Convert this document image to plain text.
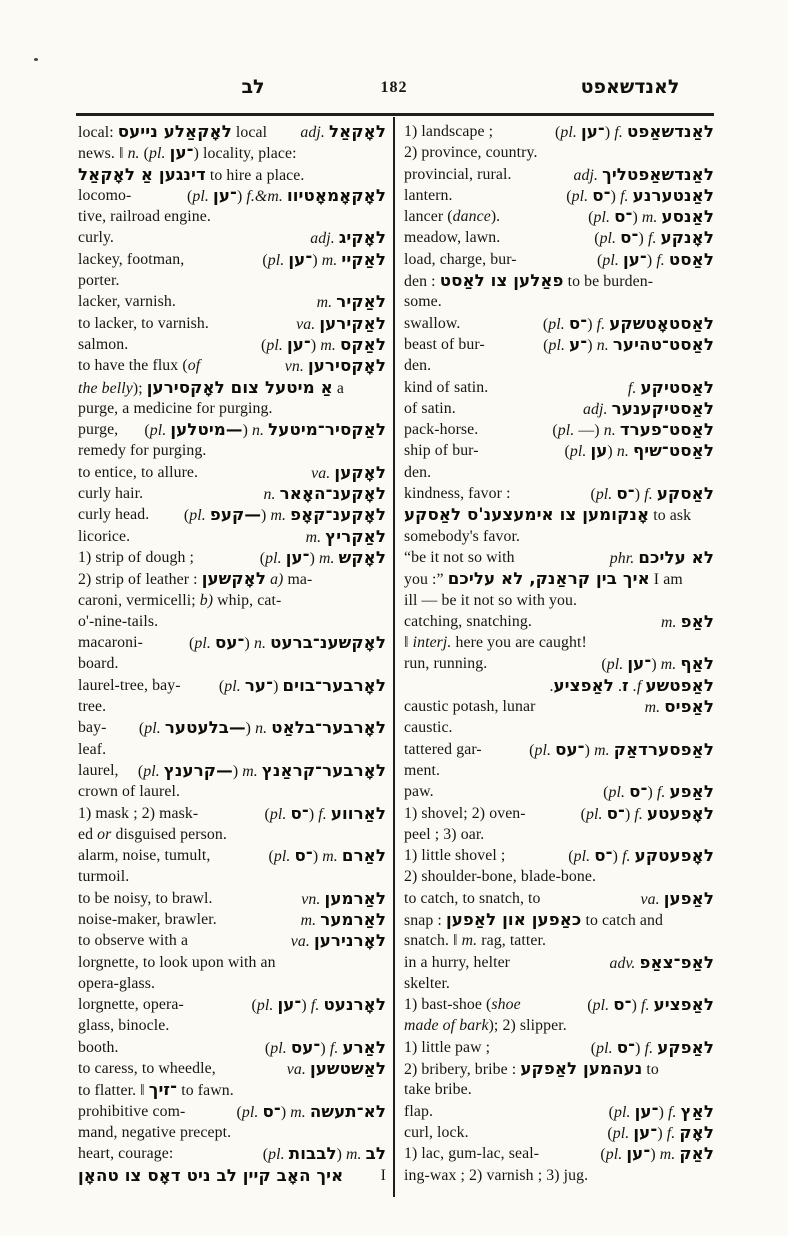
לב	182	לאנדשאפט
local: לאָקאַלע נייעס local adj. לאָקאַל
news. ‖ n. (pl. ־ען) locality, place:
דינגען אַ לאָקאַל to hire a place.
locomo-	(pl. ־ען) f.&m. לאָקאָמאָטיוו
tive, railroad engine.
curly.	adj. לאָקיג
lackey, footman,	(pl. ־ען) m. לאַקיי
porter.
lacker, varnish.	m. לאַקיר
to lacker, to varnish.	va. לאַקירען
salmon.	(pl. ־ען) m. לאַקס
to have the flux (of	vn. לאָקסירען
the belly); אַ מיטעל צום לאָקסירען a
purge, a medicine for purging.
purge, (pl. —מיטלען) n. לאַקסיר־מיטעל
remedy for purging.
to entice, to allure.	va. לאָקען
curly hair.	n. לאָקענ־האָאר
curly head. (pl. —קעפ) m. לאָקענ־קאָפ
licorice.	m. לאַקריץ
1) strip of dough ;	(pl. ־ען) m. לאָקש
2) strip of leather : לאָקשען a) ma-
caroni, vermicelli; b) whip, cat-
o'-nine-tails.
macaroni-	(pl. ־עס) n. לאָקשענ־ברעט
board.
laurel-tree, bay- (pl. ־ער) לאָרבער־בוים
tree.
bay- (pl. —בלעטער) n. לאָרבער־בלאַט
leaf.
laurel, (pl. —קרענץ) m. לאָרבער־קראַנץ
crown of laurel.
1) mask ; 2) mask-	(pl. ־ס) f. לאַרווע
ed or disguised person.
alarm, noise, tumult,	(pl. ־ס) m. לאַרם
turmoil.
to be noisy, to brawl.	vn. לאַרמען
noise-maker, brawler.	m. לאַרמער
to observe with a	va. לאָרנירען
lorgnette, to look upon with an
opera-glass.
lorgnette, opera-	(pl. ־ען) f. לאָרנעט
glass, binocle.
booth.	(pl. ־עס) f. לאַרע
to caress, to wheedle,	va. לאַשטשען
to flatter. ‖ ־זיך to fawn.
prohibitive com-	(pl. ־ס) m. לא־תעשה
mand, negative precept.
heart, courage:	(pl. לבבות) m. לב
איך האָב קיין לב ניט דאָס צו טהאָן I
1) landscape ;	(pl. ־ען) f. לאַנדשאַפט
2) province, country.
provincial, rural.	adj. לאַנדשאַפטליך
lantern.	(pl. ־ס) f. לאַנטערנע
lancer (dance).	(pl. ־ס) m. לאַנסע
meadow, lawn.	(pl. ־ס) f. לאָנקע
load, charge, bur-	(pl. ־ען) f. לאַסט
den : פאַלען צו לאַסט to be burden-
some.
swallow.	(pl. ־ס) f. לאַסטאָטשקע
beast of bur-	(pl. ־ע) n. לאַסט־טהיער
den.
kind of satin.	f. לאַסטיקע
of satin.	adj. לאַסטיקענער
pack-horse.	(pl. —) n. לאַסט־פערד
ship of bur-	(pl. ען) n. לאַסט־שיף
den.
kindness, favor :	(pl. ־ס) f. לאַסקע
אָנקומען צו אימעצענ'ס לאַסקע to ask
somebody's favor.
“be it not so with	phr. לא עליכם
you :” איך בין קראַנק, לא עליכם I am
ill — be it not so with you.
catching, snatching.	m. לאַפ
‖ interj. here you are caught!
run, running.	(pl. ־ען) m. לאַף
לאַפטשע f. ז. לאַפציע.
caustic potash, lunar	m. לאַפיס
caustic.
tattered gar-	(pl. ־עס) m. לאַפסערדאַק
ment.
paw.	(pl. ־ס) f. לאַפע
1) shovel; 2) oven-	(pl. ־ס) f. לאָפעטע
peel ; 3) oar.
1) little shovel ;	(pl. ־ס) f. לאָפעטקע
2) shoulder-bone, blade-bone.
to catch, to snatch, to	va. לאַפען
snap : כאַפען און לאַפען to catch and
snatch. ‖ m. rag, tatter.
in a hurry, helter	adv. לאַפ־צאַפ
skelter.
1) bast-shoe (shoe	(pl. ־ס) f. לאַפציע
made of bark); 2) slipper.
1) little paw ;	(pl. ־ס) f. לאַפקע
2) bribery, bribe : נעהמען לאַפקע to
take bribe.
flap.	(pl. ־ען) f. לאַץ
curl, lock.	(pl. ־ען) f. לאָק
1) lac, gum-lac, seal-	(pl. ־ען) m. לאַק
ing-wax ; 2) varnish ; 3) jug.
